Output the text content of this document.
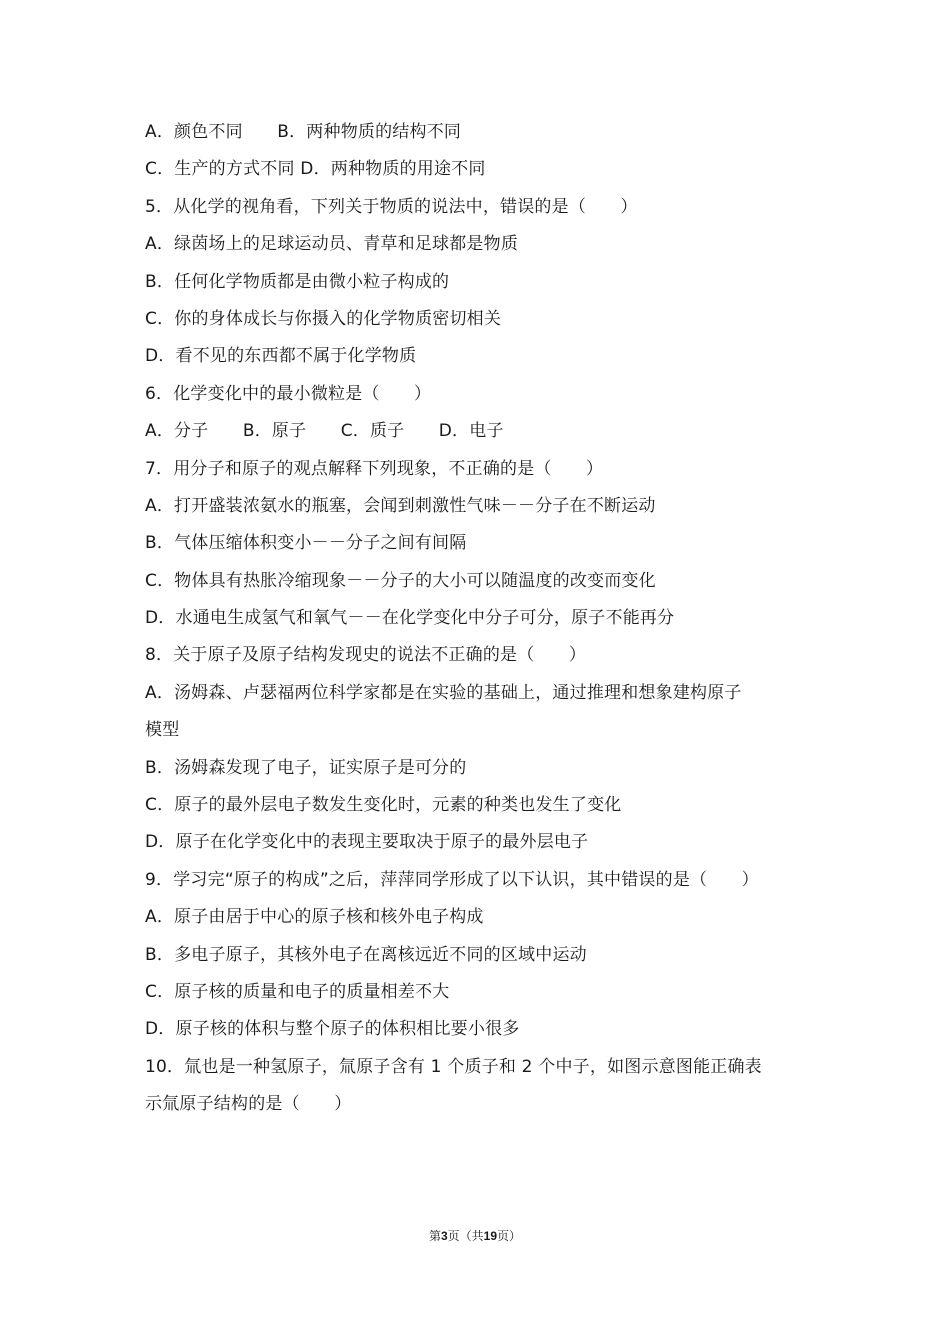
A．颜色不同　　B．两种物质的结构不同
C．生产的方式不同 D．两种物质的用途不同
5．从化学的视角看，下列关于物质的说法中，错误的是（　　）
A．绿茵场上的足球运动员、青草和足球都是物质
B．任何化学物质都是由微小粒子构成的
C．你的身体成长与你摄入的化学物质密切相关
D．看不见的东西都不属于化学物质
6．化学变化中的最小微粒是（　　）
A．分子　　B．原子　　C．质子　　D．电子
7．用分子和原子的观点解释下列现象，不正确的是（　　）
A．打开盛装浓氨水的瓶塞，会闻到刺激性气味－－分子在不断运动
B．气体压缩体积变小－－分子之间有间隔
C．物体具有热胀冷缩现象－－分子的大小可以随温度的改变而变化
D．水通电生成氢气和氧气－－在化学变化中分子可分，原子不能再分
8．关于原子及原子结构发现史的说法不正确的是（　　）
A．汤姆森、卢瑟福两位科学家都是在实验的基础上，通过推理和想象建构原子
模型
B．汤姆森发现了电子，证实原子是可分的
C．原子的最外层电子数发生变化时，元素的种类也发生了变化
D．原子在化学变化中的表现主要取决于原子的最外层电子
9．学习完“原子的构成”之后，萍萍同学形成了以下认识，其中错误的是（　　）
A．原子由居于中心的原子核和核外电子构成
B．多电子原子，其核外电子在离核远近不同的区域中运动
C．原子核的质量和电子的质量相差不大
D．原子核的体积与整个原子的体积相比要小很多
10．氚也是一种氢原子，氚原子含有 1 个质子和 2 个中子，如图示意图能正确表
示氚原子结构的是（　　）
第3页（共19页）
